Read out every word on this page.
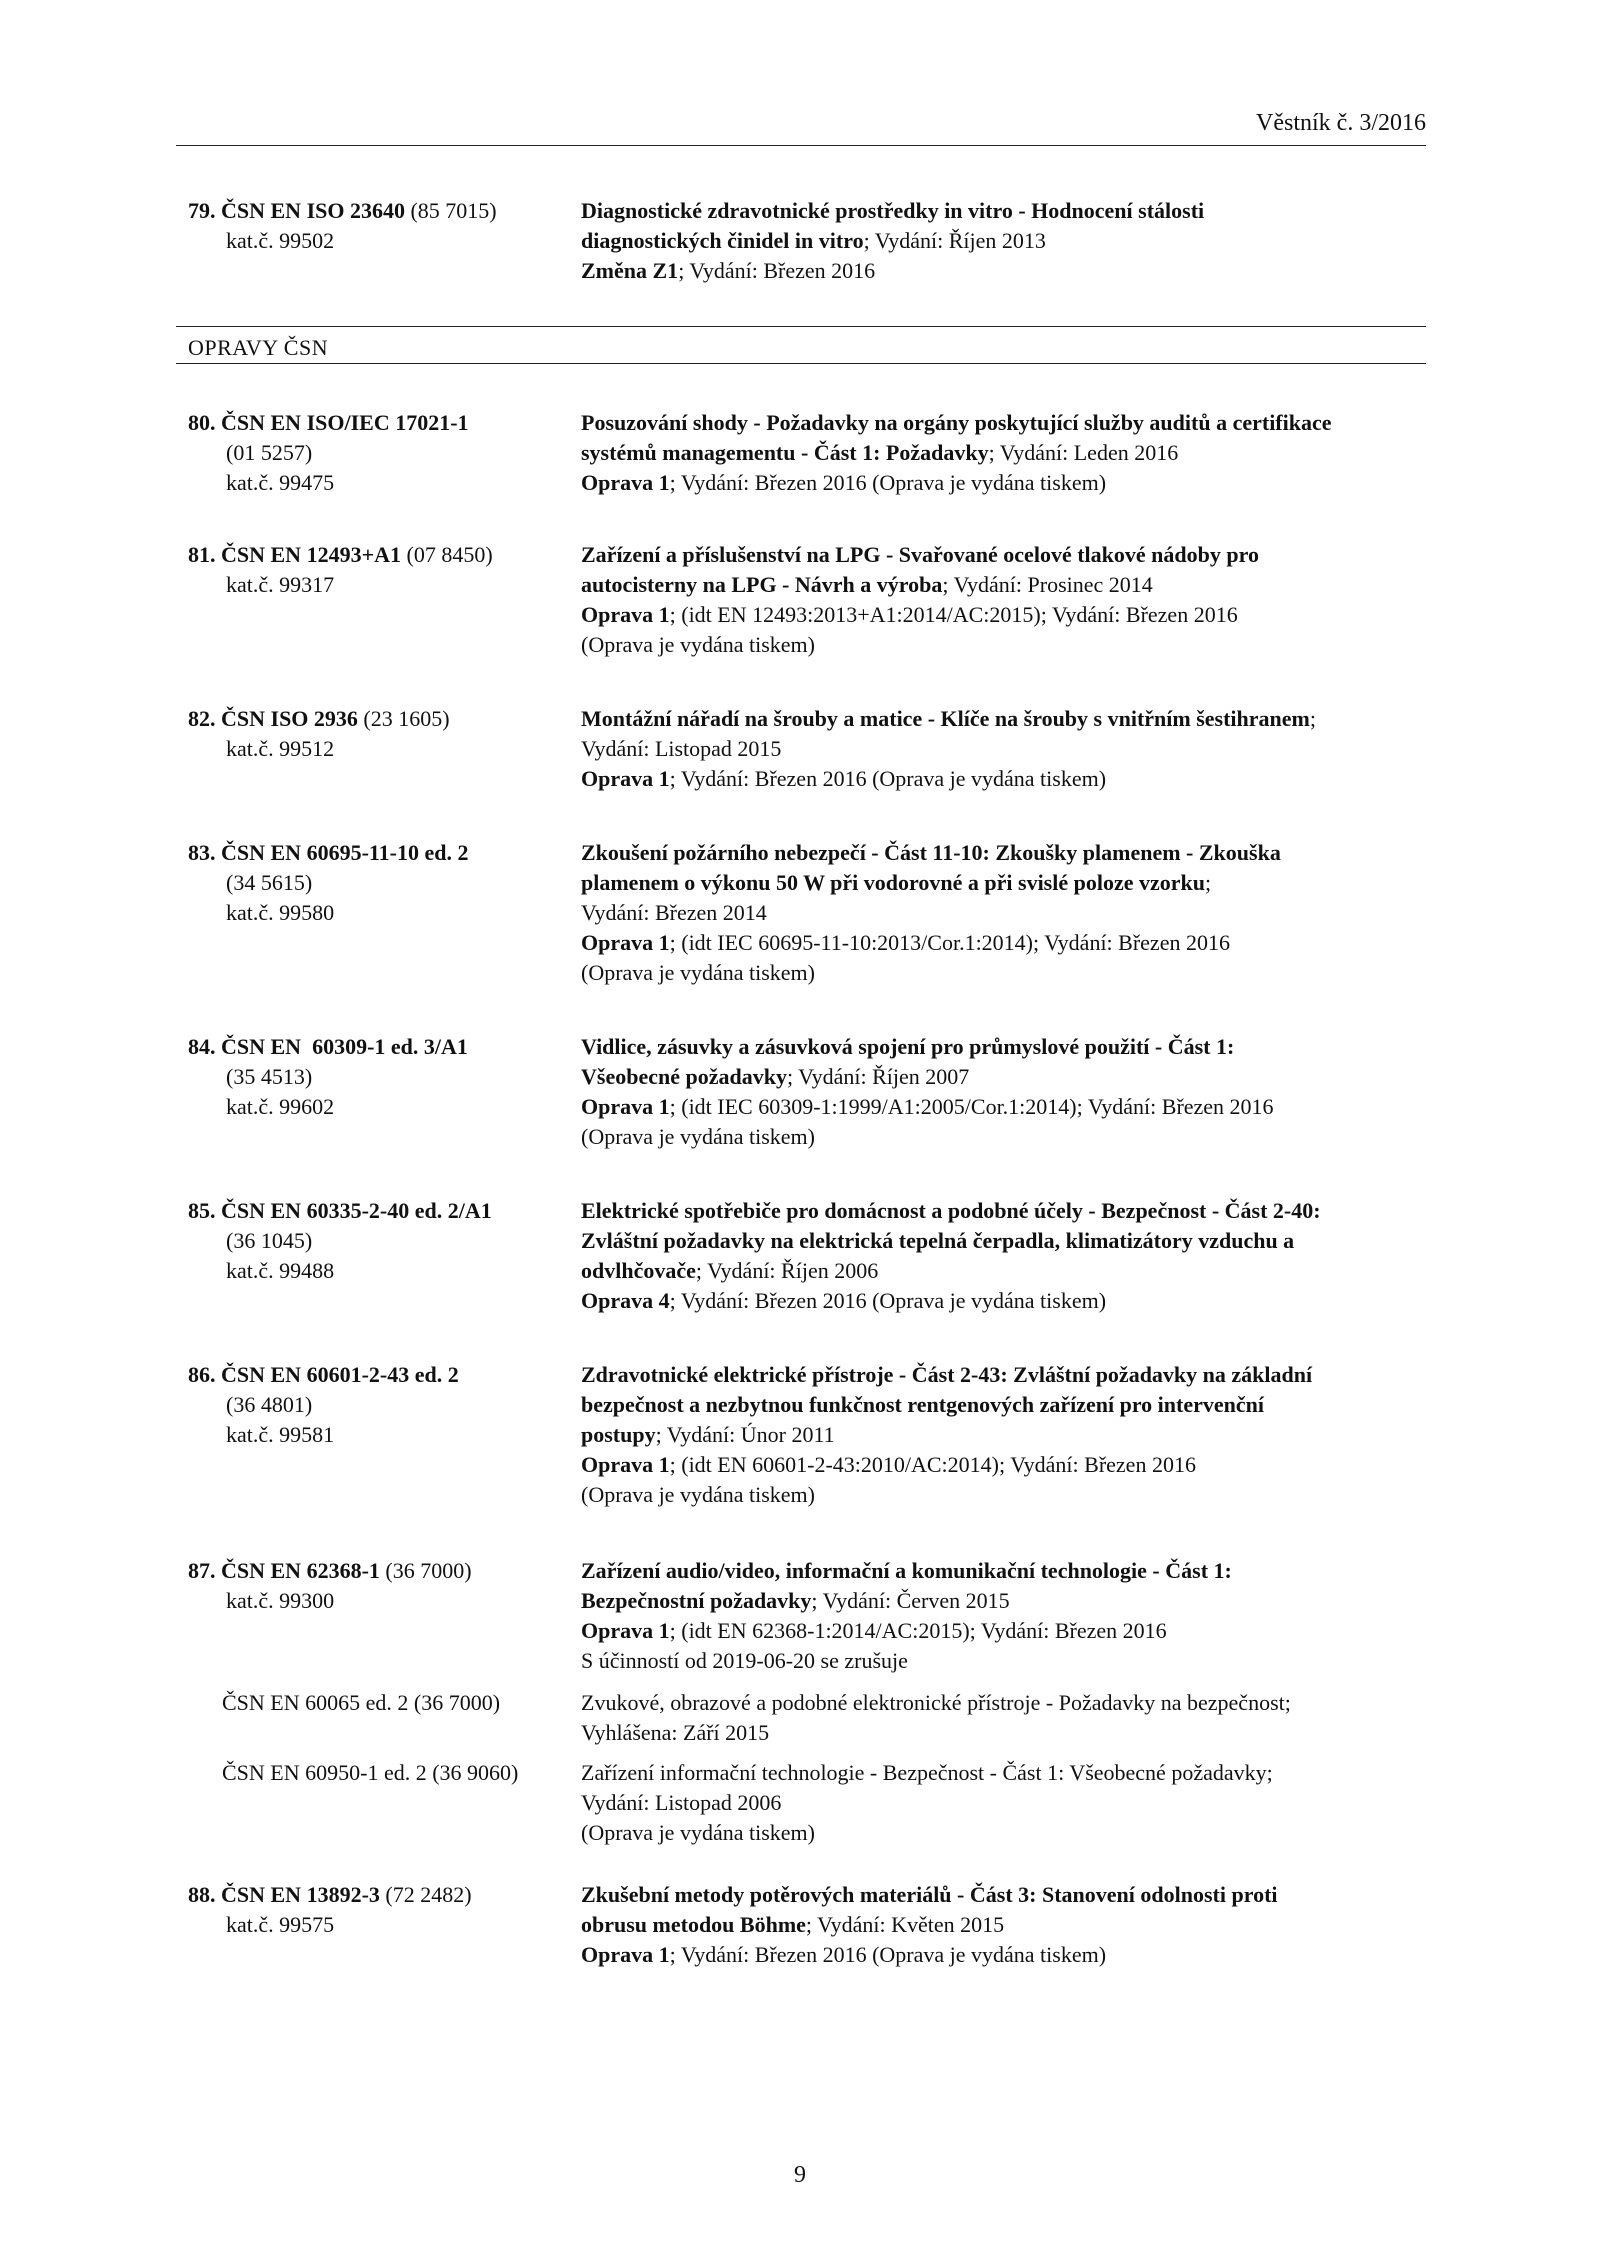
Věstník č. 3/2016
79. ČSN EN ISO 23640 (85 7015)
kat.č. 99502
Diagnostické zdravotnické prostředky in vitro - Hodnocení stálosti
diagnostických činidel in vitro; Vydání: Říjen 2013
Změna Z1; Vydání: Březen 2016
OPRAVY ČSN
80. ČSN EN ISO/IEC 17021-1
(01 5257)
kat.č. 99475
Posuzování shody - Požadavky na orgány poskytující služby auditů a certifikace
systémů managementu - Část 1: Požadavky; Vydání: Leden 2016
Oprava 1; Vydání: Březen 2016 (Oprava je vydána tiskem)
81. ČSN EN 12493+A1 (07 8450)
kat.č. 99317
Zařízení a příslušenství na LPG - Svařované ocelové tlakové nádoby pro
autocisterny na LPG - Návrh a výroba; Vydání: Prosinec 2014
Oprava 1; (idt EN 12493:2013+A1:2014/AC:2015); Vydání: Březen 2016
(Oprava je vydána tiskem)
82. ČSN ISO 2936 (23 1605)
kat.č. 99512
Montážní nářadí na šrouby a matice - Klíče na šrouby s vnitřním šestihranem;
Vydání: Listopad 2015
Oprava 1; Vydání: Březen 2016 (Oprava je vydána tiskem)
83. ČSN EN 60695-11-10 ed. 2
(34 5615)
kat.č. 99580
Zkoušení požárního nebezpečí - Část 11-10: Zkoušky plamenem - Zkouška
plamenem o výkonu 50 W při vodorovné a při svislé poloze vzorku;
Vydání: Březen 2014
Oprava 1; (idt IEC 60695-11-10:2013/Cor.1:2014); Vydání: Březen 2016
(Oprava je vydána tiskem)
84. ČSN EN  60309-1 ed. 3/A1
(35 4513)
kat.č. 99602
Vidlice, zásuvky a zásuvková spojení pro průmyslové použití - Část 1:
Všeobecné požadavky; Vydání: Říjen 2007
Oprava 1; (idt IEC 60309-1:1999/A1:2005/Cor.1:2014); Vydání: Březen 2016
(Oprava je vydána tiskem)
85. ČSN EN 60335-2-40 ed. 2/A1
(36 1045)
kat.č. 99488
Elektrické spotřebiče pro domácnost a podobné účely - Bezpečnost - Část 2-40:
Zvláštní požadavky na elektrická tepelná čerpadla, klimatizátory vzduchu a
odvlhčovače; Vydání: Říjen 2006
Oprava 4; Vydání: Březen 2016 (Oprava je vydána tiskem)
86. ČSN EN 60601-2-43 ed. 2
(36 4801)
kat.č. 99581
Zdravotnické elektrické přístroje - Část 2-43: Zvláštní požadavky na základní
bezpečnost a nezbytnou funkčnost rentgenových zařízení pro intervenční
postupy; Vydání: Únor 2011
Oprava 1; (idt EN 60601-2-43:2010/AC:2014); Vydání: Březen 2016
(Oprava je vydána tiskem)
87. ČSN EN 62368-1 (36 7000)
kat.č. 99300
Zařízení audio/video, informační a komunikační technologie - Část 1:
Bezpečnostní požadavky; Vydání: Červen 2015
Oprava 1; (idt EN 62368-1:2014/AC:2015); Vydání: Březen 2016
S účinností od 2019-06-20 se zrušuje
ČSN EN 60065 ed. 2 (36 7000)	Zvukové, obrazové a podobné elektronické přístroje - Požadavky na bezpečnost;
Vyhlášena: Září 2015
ČSN EN 60950-1 ed. 2 (36 9060)	Zařízení informační technologie - Bezpečnost - Část 1: Všeobecné požadavky;
Vydání: Listopad 2006
(Oprava je vydána tiskem)
88. ČSN EN 13892-3 (72 2482)
kat.č. 99575
Zkušební metody potěrových materiálů - Část 3: Stanovení odolnosti proti
obrusu metodou Böhme; Vydání: Květen 2015
Oprava 1; Vydání: Březen 2016 (Oprava je vydána tiskem)
9
